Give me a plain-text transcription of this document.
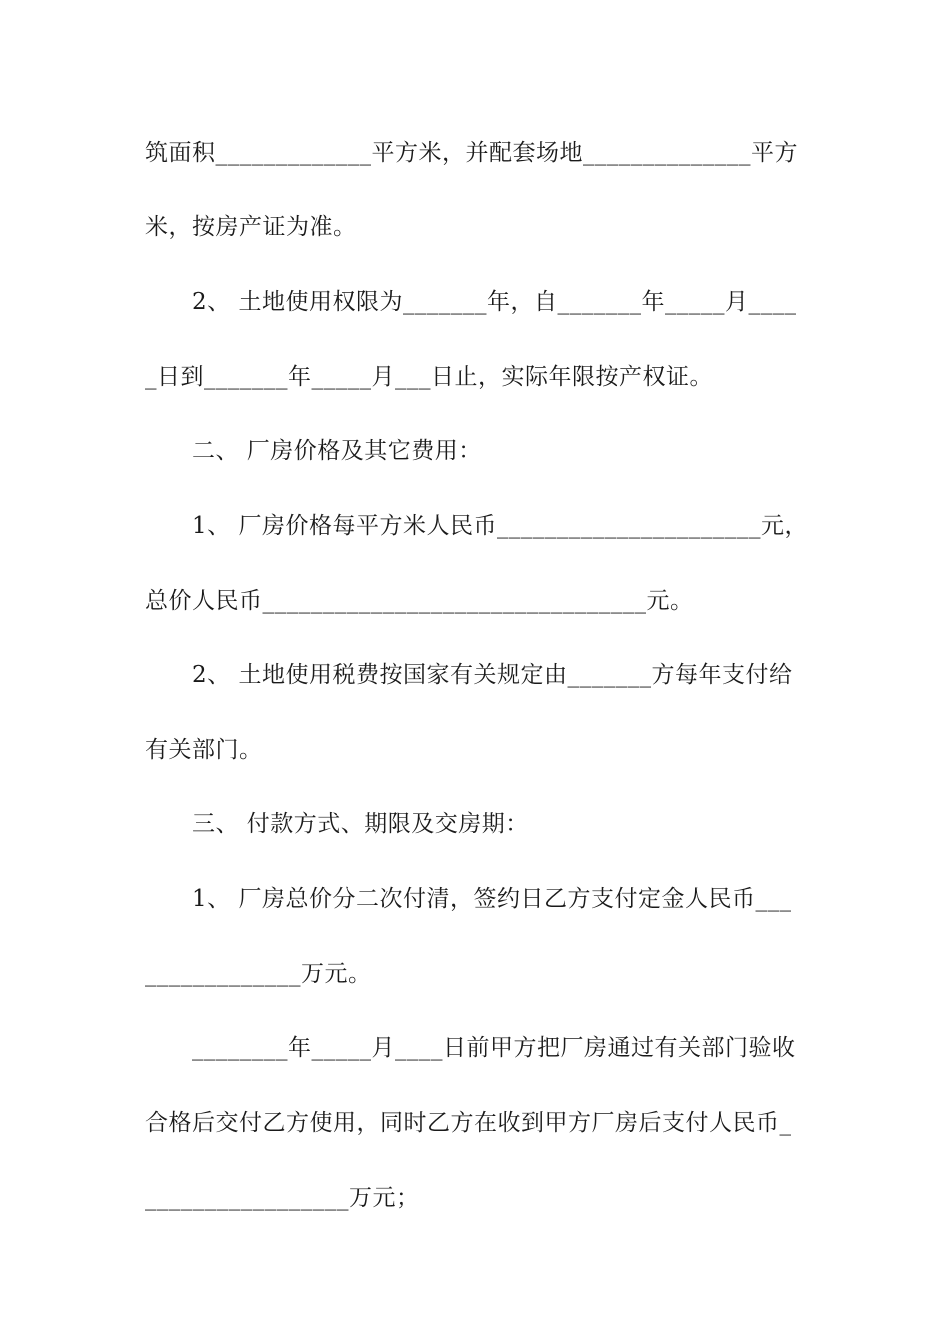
筑面积_____________平方米，并配套场地______________平方
米，按房产证为准。
2、 土地使用权限为_______年，自_______年_____月____
_日到_______年_____月___日止，实际年限按产权证。
二、 厂房价格及其它费用：
1、 厂房价格每平方米人民币______________________元，
总价人民币________________________________元。
2、 土地使用税费按国家有关规定由_______方每年支付给
有关部门。
三、 付款方式、期限及交房期：
1、 厂房总价分二次付清，签约日乙方支付定金人民币___
_____________万元。
________年_____月____日前甲方把厂房通过有关部门验收
合格后交付乙方使用，同时乙方在收到甲方厂房后支付人民币_
_________________万元；
